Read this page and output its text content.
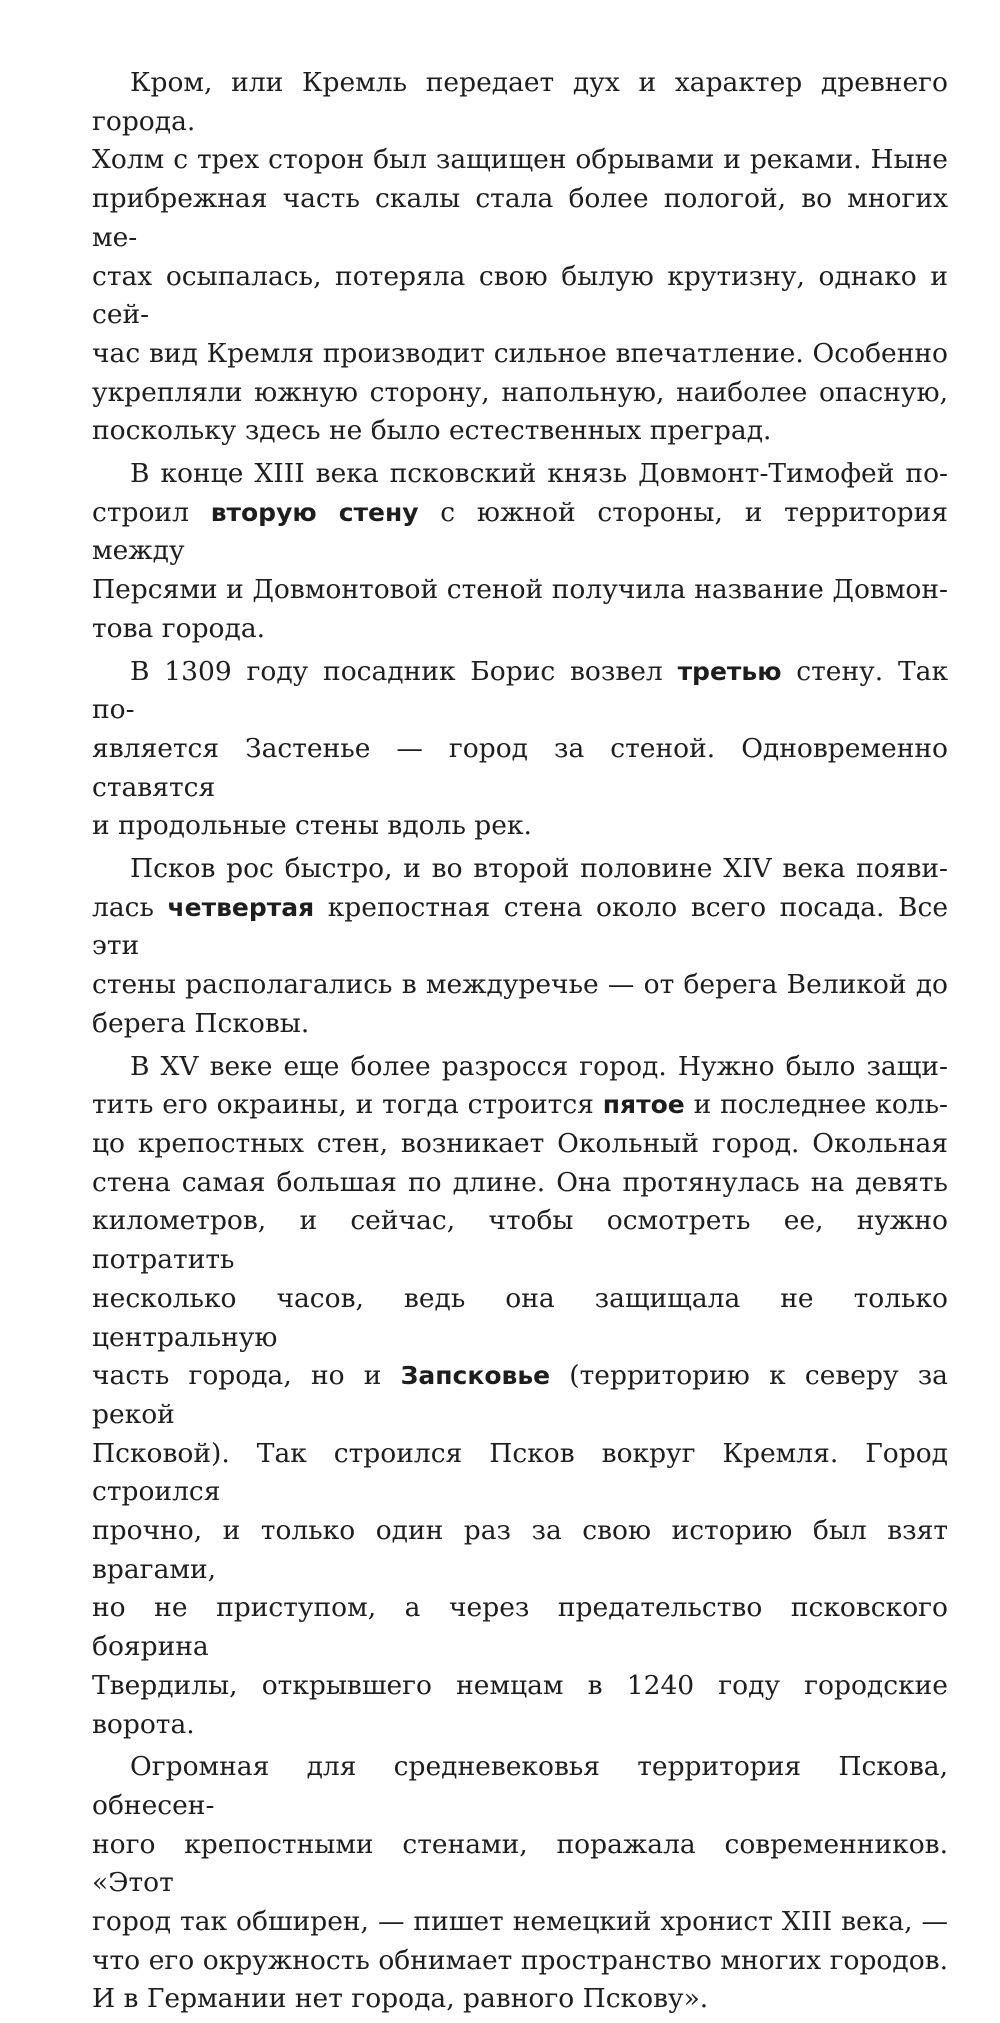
Кром, или Кремль передает дух и характер древнего города.
Холм с трех сторон был защищен обрывами и реками. Ныне
прибрежная часть скалы стала более пологой, во многих ме-
стах осыпалась, потеряла свою былую крутизну, однако и сей-
час вид Кремля производит сильное впечатление. Особенно
укрепляли южную сторону, напольную, наиболее опасную,
поскольку здесь не было естественных преград.

В конце XIII века псковский князь Довмонт-Тимофей по-
строил вторую стену с южной стороны, и территория между
Персями и Довмонтовой стеной получила название Довмон-
това города.

В 1309 году посадник Борис возвел третью стену. Так по-
является Застенье — город за стеной. Одновременно ставятся
и продольные стены вдоль рек.

Псков рос быстро, и во второй половине XIV века появи-
лась четвертая крепостная стена около всего посада. Все эти
стены располагались в междуречье — от берега Великой до
берега Псковы.

В XV веке еще более разросся город. Нужно было защи-
тить его окраины, и тогда строится пятое и последнее коль-
цо крепостных стен, возникает Окольный город. Окольная
стена самая большая по длине. Она протянулась на девять
километров, и сейчас, чтобы осмотреть ее, нужно потратить
несколько часов, ведь она защищала не только центральную
часть города, но и Запсковье (территорию к северу за рекой
Псковой). Так строился Псков вокруг Кремля. Город строился
прочно, и только один раз за свою историю был взят врагами,
но не приступом, а через предательство псковского боярина
Твердилы, открывшего немцам в 1240 году городские ворота.

Огромная для средневековья территория Пскова, обнесен-
ного крепостными стенами, поражала современников. «Этот
город так обширен, — пишет немецкий хронист XIII века, —
что его окружность обнимает пространство многих городов.
И в Германии нет города, равного Пскову».
